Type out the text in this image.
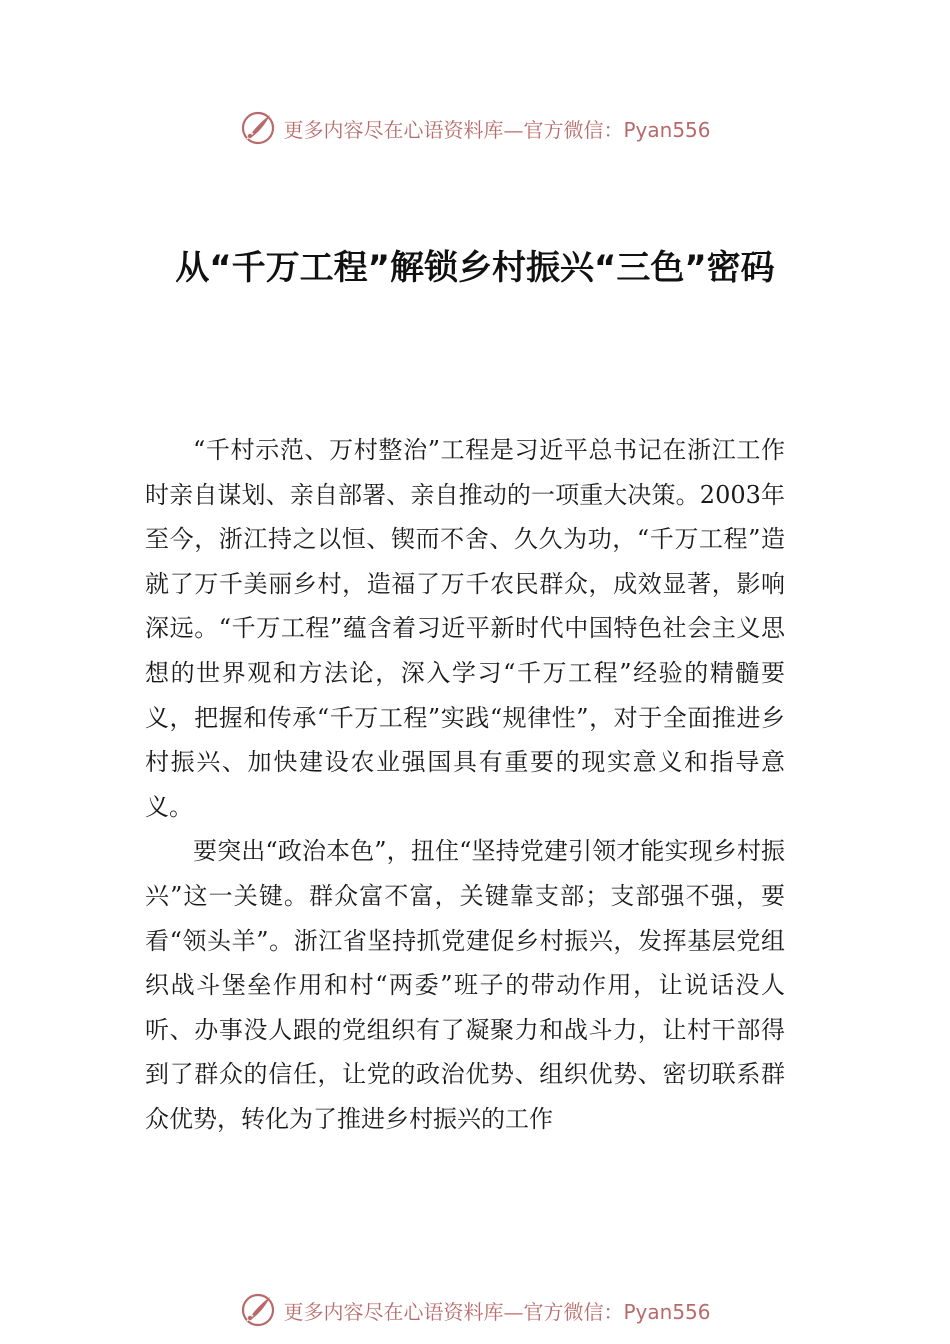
更多内容尽在心语资料库—官方微信：Pyan556
从“千万工程”解锁乡村振兴“三色”密码

“千村示范、万村整治”工程是习近平总书记在浙江工作时亲自谋划、亲自部署、亲自推动的一项重大决策。2003年至今，浙江持之以恒、锲而不舍、久久为功，“千万工程”造就了万千美丽乡村，造福了万千农民群众，成效显著，影响深远。“千万工程”蕴含着习近平新时代中国特色社会主义思想的世界观和方法论，深入学习“千万工程”经验的精髓要义，把握和传承“千万工程”实践“规律性”，对于全面推进乡村振兴、加快建设农业强国具有重要的现实意义和指导意义。

要突出“政治本色”，扭住“坚持党建引领才能实现乡村振兴”这一关键。群众富不富，关键靠支部；支部强不强，要看“领头羊”。浙江省坚持抓党建促乡村振兴，发挥基层党组织战斗堡垒作用和村“两委”班子的带动作用，让说话没人听、办事没人跟的党组织有了凝聚力和战斗力，让村干部得到了群众的信任，让党的政治优势、组织优势、密切联系群众优势，转化为了推进乡村振兴的工作

更多内容尽在心语资料库—官方微信：Pyan556
